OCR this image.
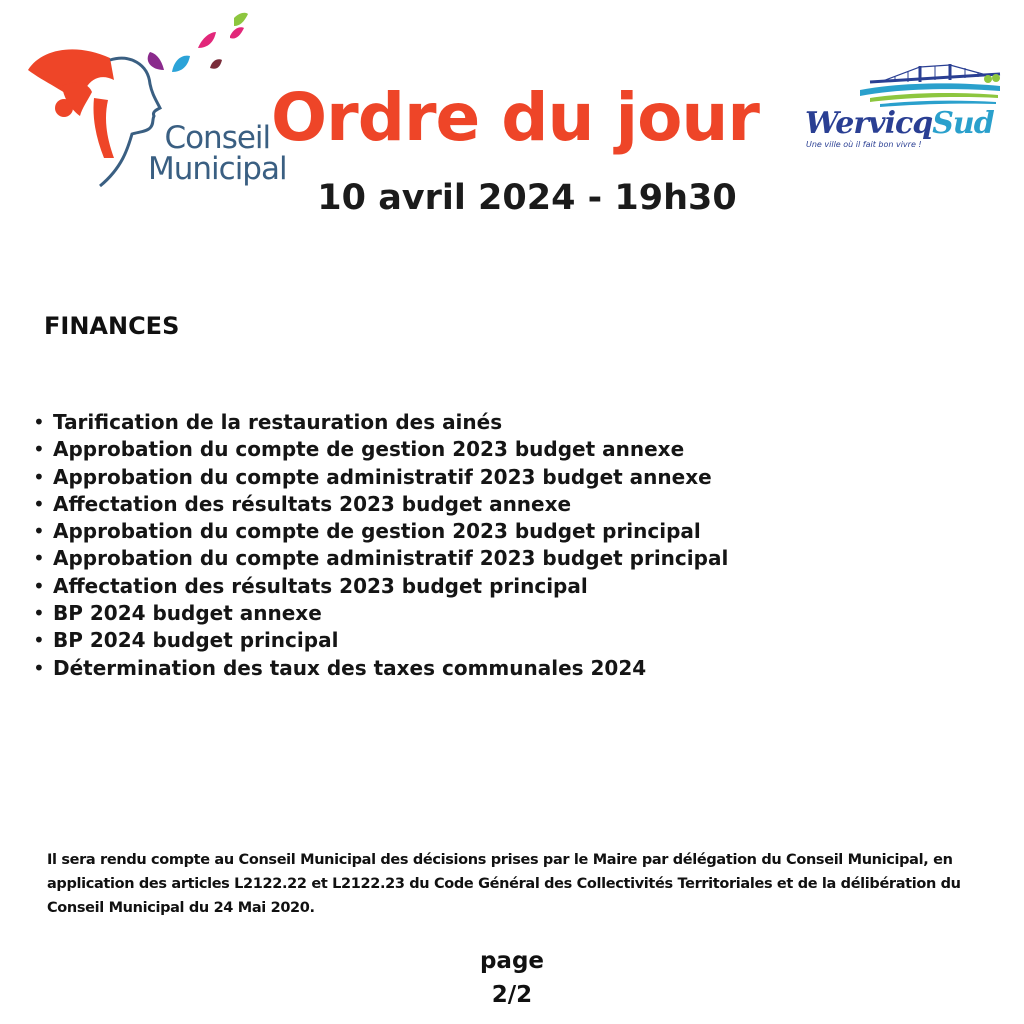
Conseil
Municipal
Ordre du jour
10 avril 2024 - 19h30
WervicqSud
Une ville où il fait bon vivre !
FINANCES
• Tarification de la restauration des ainés
• Approbation du compte de gestion 2023 budget annexe
• Approbation du compte administratif 2023 budget annexe
• Affectation des résultats 2023 budget annexe
• Approbation du compte de gestion 2023 budget principal
• Approbation du compte administratif 2023 budget principal
• Affectation des résultats 2023 budget principal
• BP 2024 budget annexe
• BP 2024 budget principal
• Détermination des taux des taxes communales 2024
Il sera rendu compte au Conseil Municipal des décisions prises par le Maire par délégation du Conseil Municipal, en application des articles L2122.22 et L2122.23 du Code Général des Collectivités Territoriales et de la délibération du Conseil Municipal du 24 Mai 2020.
page
2/2
